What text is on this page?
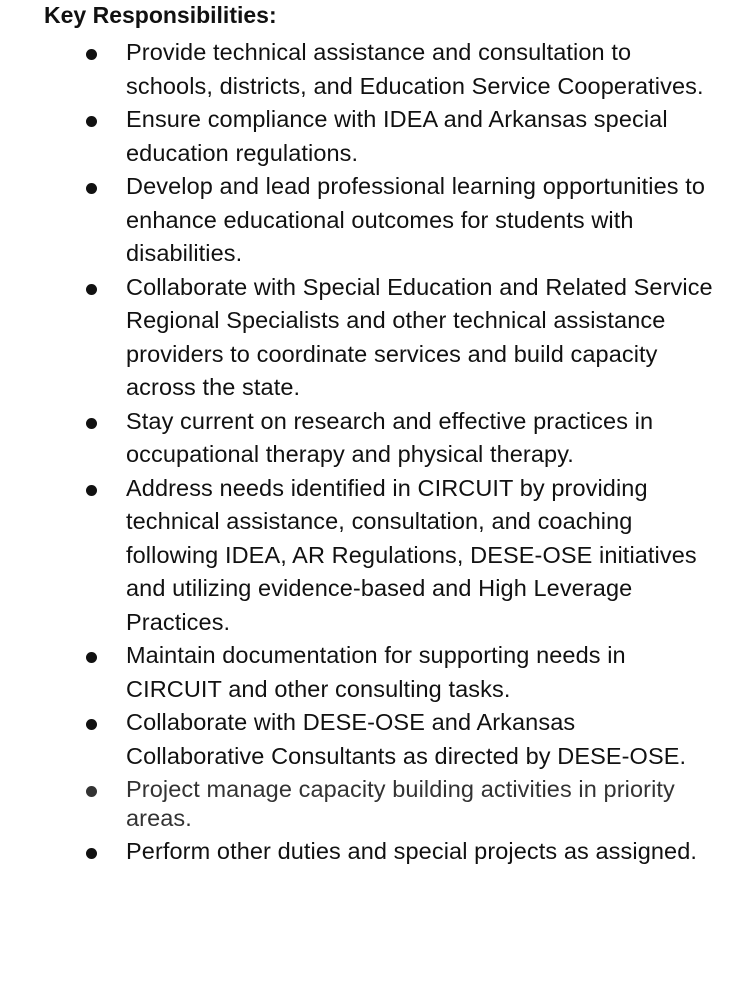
Key Responsibilities:
Provide technical assistance and consultation to schools, districts, and Education Service Cooperatives.
Ensure compliance with IDEA and Arkansas special education regulations.
Develop and lead professional learning opportunities to enhance educational outcomes for students with disabilities.
Collaborate with Special Education and Related Service Regional Specialists and other technical assistance providers to coordinate services and build capacity across the state.
Stay current on research and effective practices in occupational therapy and physical therapy.
Address needs identified in CIRCUIT by providing technical assistance, consultation, and coaching following IDEA, AR Regulations, DESE-OSE initiatives and utilizing evidence-based and High Leverage Practices.
Maintain documentation for supporting needs in CIRCUIT and other consulting tasks.
Collaborate with DESE-OSE and Arkansas Collaborative Consultants as directed by DESE-OSE.
Project manage capacity building activities in priority areas.
Perform other duties and special projects as assigned.
